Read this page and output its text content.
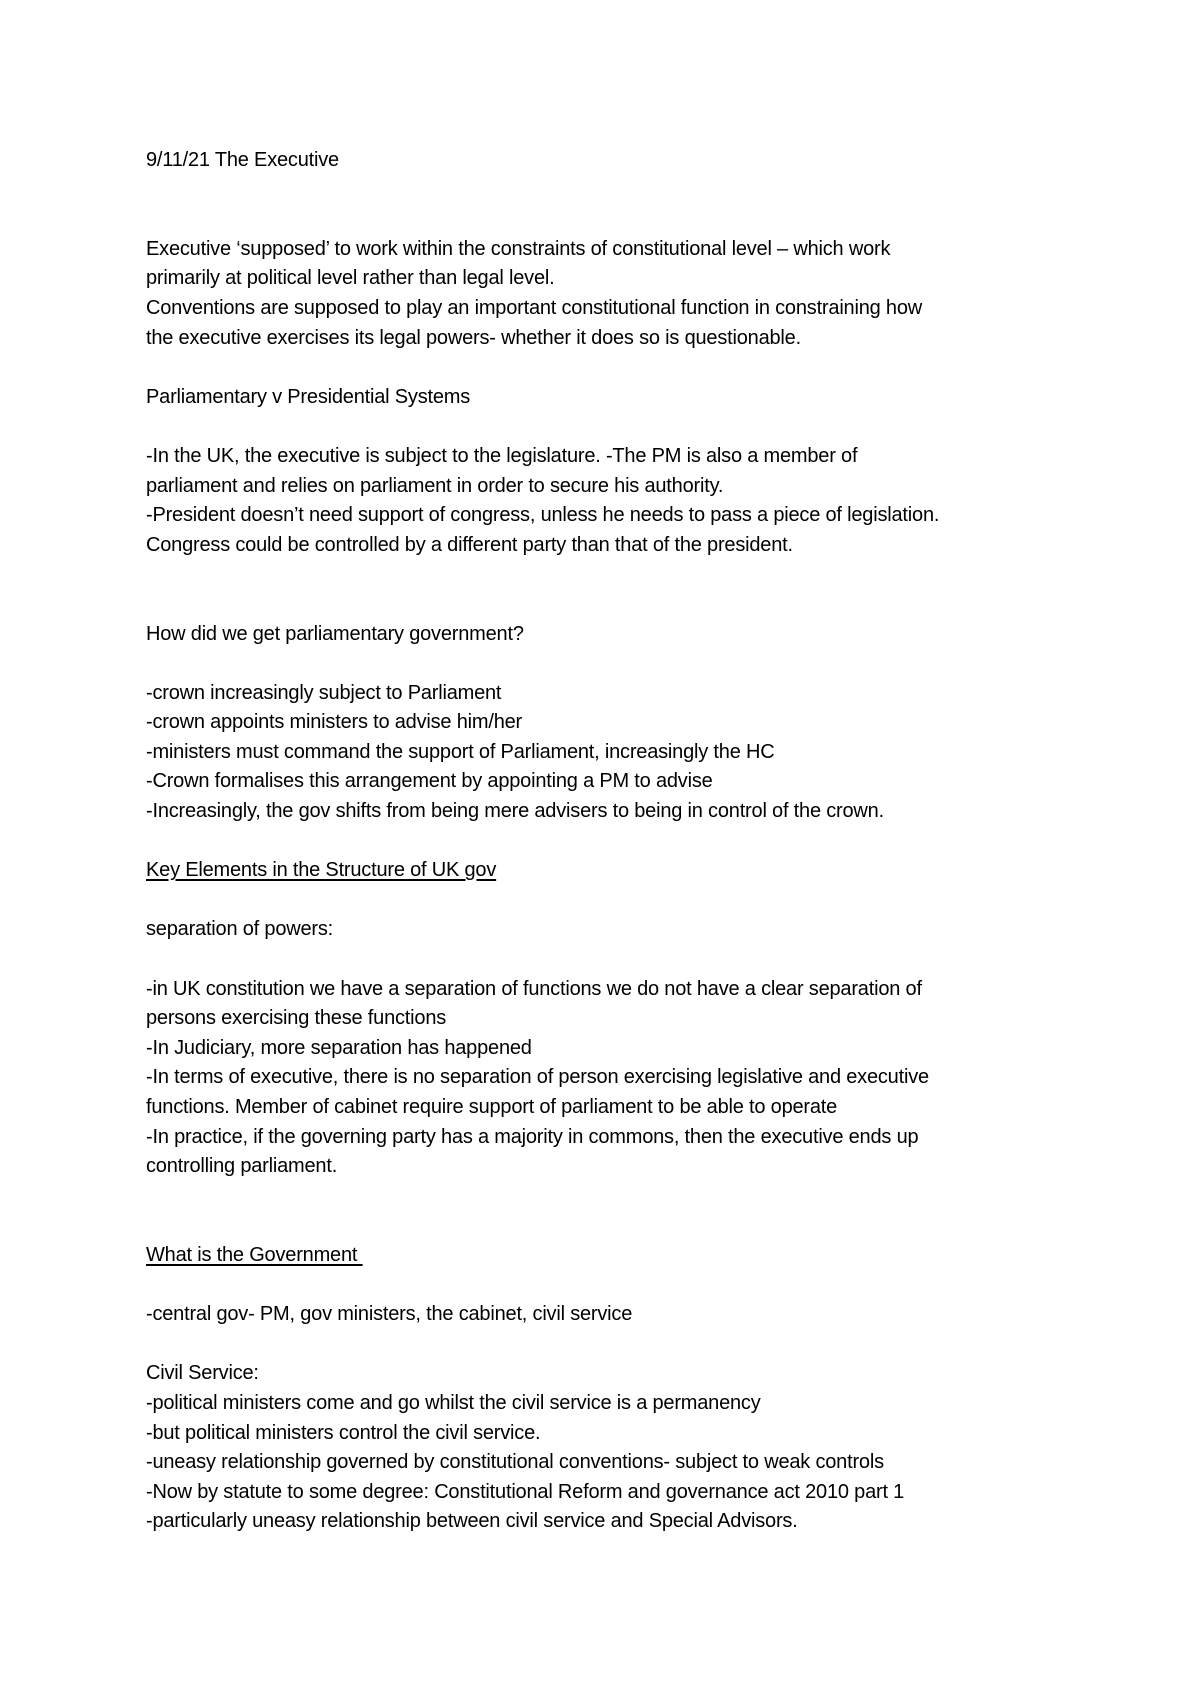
9/11/21 The Executive
Executive ‘supposed’ to work within the constraints of constitutional level – which work
primarily at political level rather than legal level.
Conventions are supposed to play an important constitutional function in constraining how
the executive exercises its legal powers- whether it does so is questionable.
Parliamentary v Presidential Systems
-In the UK, the executive is subject to the legislature. -The PM is also a member of
parliament and relies on parliament in order to secure his authority.
-President doesn’t need support of congress, unless he needs to pass a piece of legislation.
Congress could be controlled by a different party than that of the president.
How did we get parliamentary government?
-crown increasingly subject to Parliament
-crown appoints ministers to advise him/her
-ministers must command the support of Parliament, increasingly the HC
-Crown formalises this arrangement by appointing a PM to advise
-Increasingly, the gov shifts from being mere advisers to being in control of the crown.
Key Elements in the Structure of UK gov
separation of powers:
-in UK constitution we have a separation of functions we do not have a clear separation of
persons exercising these functions
-In Judiciary, more separation has happened
-In terms of executive, there is no separation of person exercising legislative and executive
functions. Member of cabinet require support of parliament to be able to operate
-In practice, if the governing party has a majority in commons, then the executive ends up
controlling parliament.
What is the Government
-central gov- PM, gov ministers, the cabinet, civil service
Civil Service:
-political ministers come and go whilst the civil service is a permanency
-but political ministers control the civil service.
-uneasy relationship governed by constitutional conventions- subject to weak controls
-Now by statute to some degree: Constitutional Reform and governance act 2010 part 1
-particularly uneasy relationship between civil service and Special Advisors.
